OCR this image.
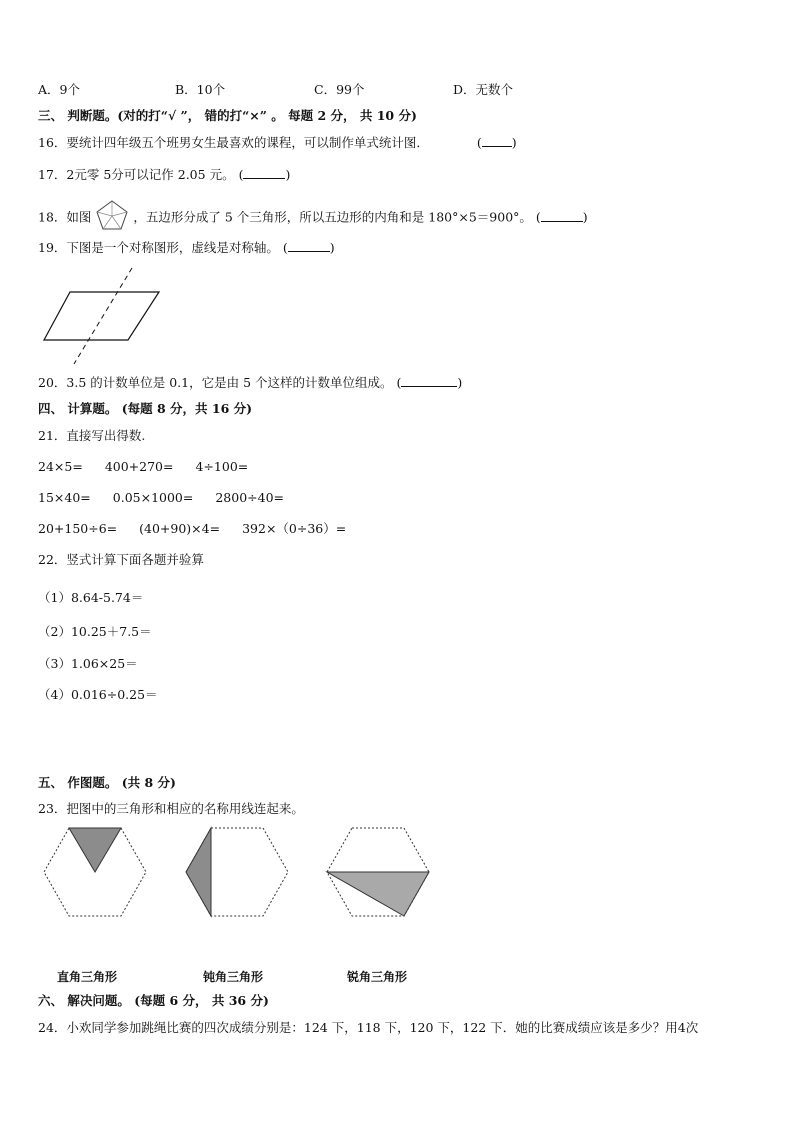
A．9个	B．10个	C．99个	D．无数个
三、 判断题。(对的打“√ ”， 错的打“×” 。 每题 2 分， 共 10 分)
16．要统计四年级五个班男女生最喜欢的课程，可以制作单式统计图．	( )
17．2元零 5分可以记作 2.05 元。 (	)
18．如图	，五边形分成了 5 个三角形，所以五边形的内角和是 180°×5＝900°。 (	)
19．下图是一个对称图形，虚线是对称轴。 (	)
20．3.5 的计数单位是 0.1，它是由 5 个这样的计数单位组成。 (	)
四、 计算题。 (每题 8 分，共 16 分)
21．直接写出得数.
24×5= 400+270= 4÷100=
15×40= 0.05×1000= 2800÷40=
20+150÷6= (40+90)×4= 392×（0÷36）=
22．竖式计算下面各题并验算
（1）8.64-5.74＝
（2）10.25＋7.5＝
（3）1.06×25＝
（4）0.016÷0.25＝
五、 作图题。 (共 8 分)
23．把图中的三角形和相应的名称用线连起来。
直角三角形	钝角三角形	锐角三角形
六、 解决问题。 (每题 6 分， 共 36 分)
24．小欢同学参加跳绳比赛的四次成绩分别是：124 下，118 下，120 下，122 下．她的比赛成绩应该是多少？用4次
